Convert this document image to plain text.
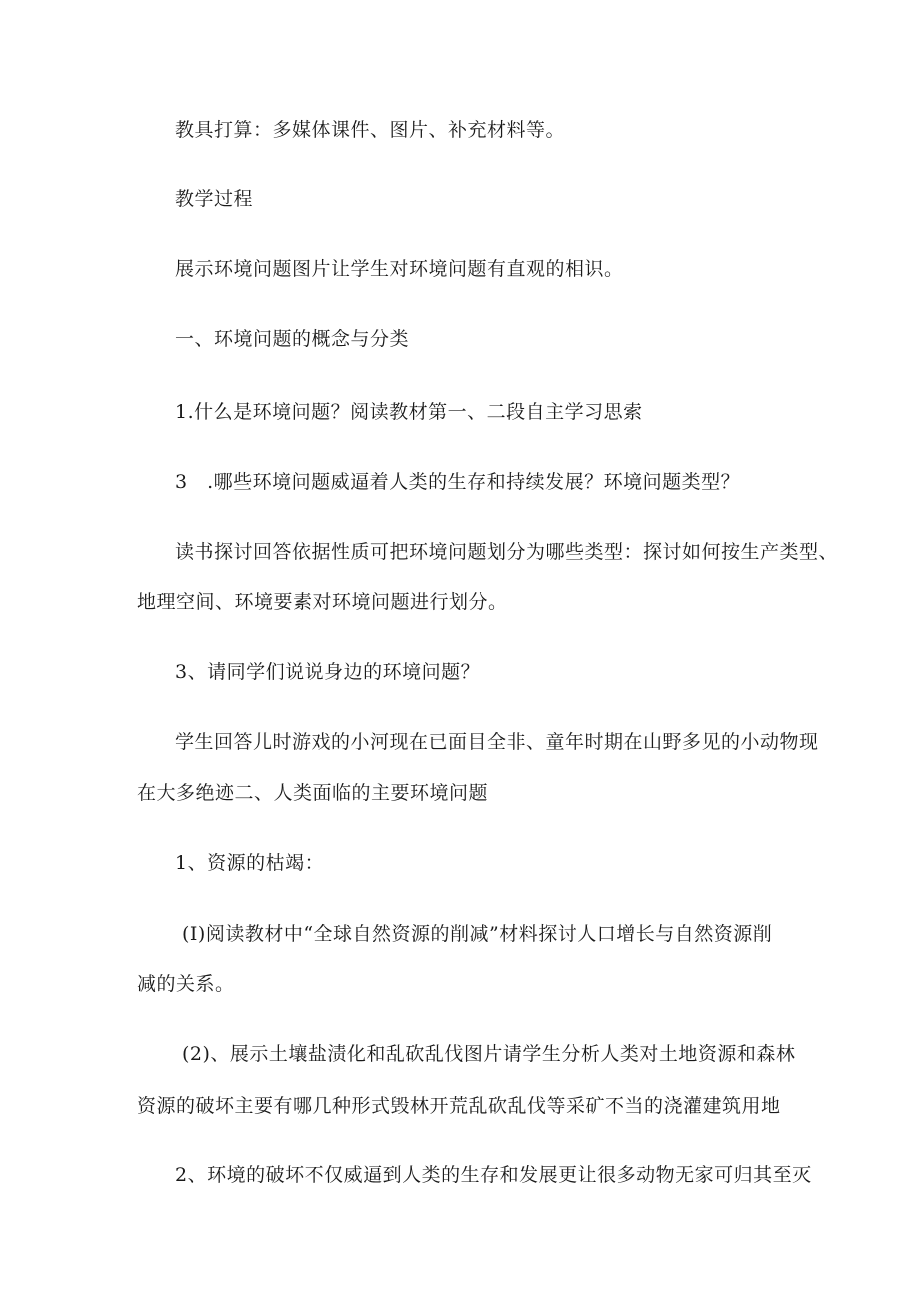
教具打算：多媒体课件、图片、补充材料等。
教学过程
展示环境问题图片让学生对环境问题有直观的相识。
一、环境问题的概念与分类
1.什么是环境问题？阅读教材第一、二段自主学习思索
3　.哪些环境问题威逼着人类的生存和持续发展？环境问题类型？
读书探讨回答依据性质可把环境问题划分为哪些类型：探讨如何按生产类型、
地理空间、环境要素对环境问题进行划分。
3、请同学们说说身边的环境问题？
学生回答儿时游戏的小河现在已面目全非、童年时期在山野多见的小动物现
在大多绝迹二、人类面临的主要环境问题
1、资源的枯竭：
(I)阅读教材中“全球自然资源的削减”材料探讨人口增长与自然资源削
减的关系。
(2)、展示土壤盐渍化和乱砍乱伐图片请学生分析人类对土地资源和森林
资源的破坏主要有哪几种形式毁林开荒乱砍乱伐等采矿不当的浇灌建筑用地
2、环境的破坏不仅威逼到人类的生存和发展更让很多动物无家可归其至灭
